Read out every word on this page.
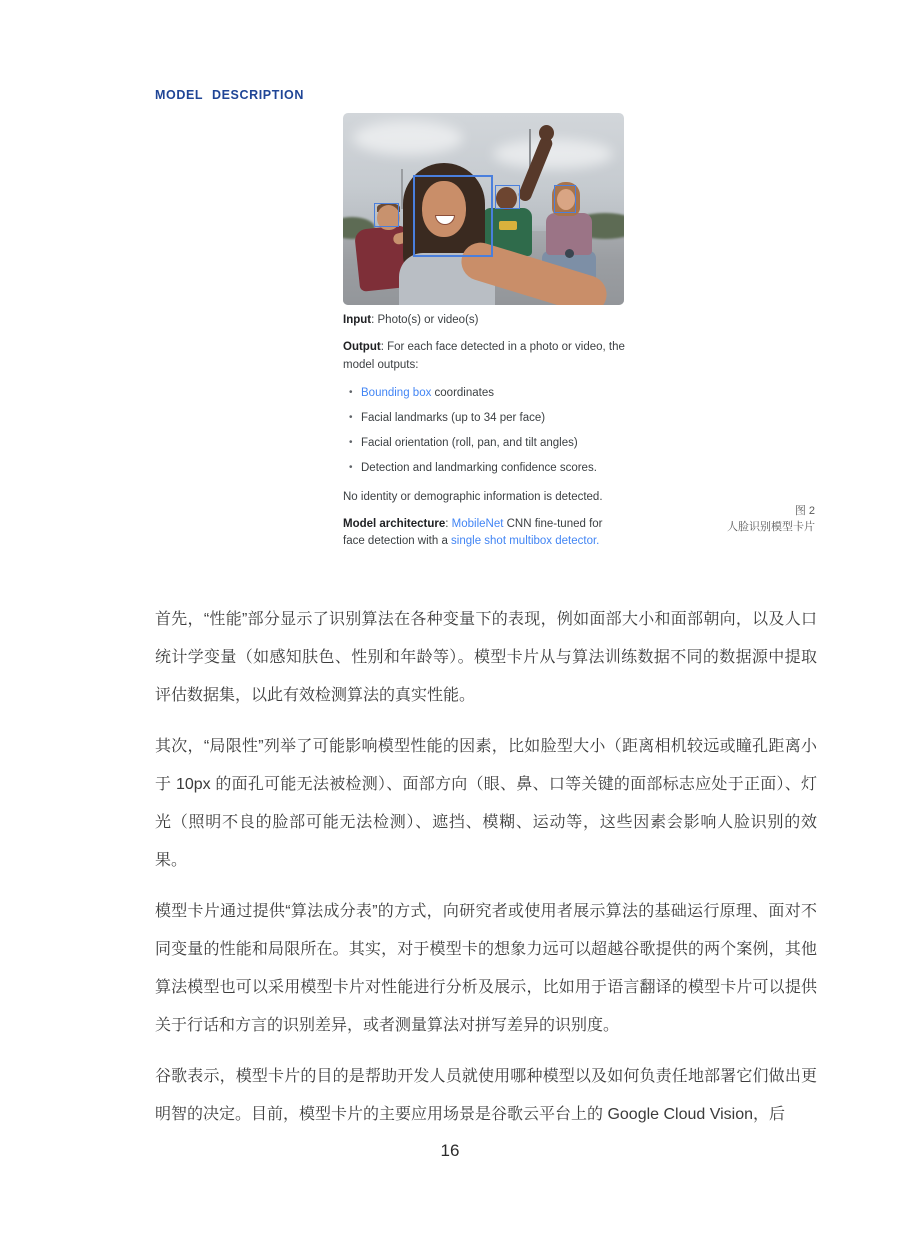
MODEL DESCRIPTION
Input: Photo(s) or video(s)
Output: For each face detected in a photo or video, the model outputs:
• Bounding box coordinates
• Facial landmarks (up to 34 per face)
• Facial orientation (roll, pan, and tilt angles)
• Detection and landmarking confidence scores.
No identity or demographic information is detected.
Model architecture: MobileNet CNN fine-tuned for face detection with a single shot multibox detector.
图 2
人脸识别模型卡片

首先，“性能”部分显示了识别算法在各种变量下的表现，例如面部大小和面部朝向，以及人口统计学变量（如感知肤色、性别和年龄等）。模型卡片从与算法训练数据不同的数据源中提取评估数据集，以此有效检测算法的真实性能。

其次，“局限性”列举了可能影响模型性能的因素，比如脸型大小（距离相机较远或瞳孔距离小于 10px 的面孔可能无法被检测）、面部方向（眼、鼻、口等关键的面部标志应处于正面）、灯光（照明不良的脸部可能无法检测）、遮挡、模糊、运动等，这些因素会影响人脸识别的效果。

模型卡片通过提供“算法成分表”的方式，向研究者或使用者展示算法的基础运行原理、面对不同变量的性能和局限所在。其实，对于模型卡的想象力远可以超越谷歌提供的两个案例，其他算法模型也可以采用模型卡片对性能进行分析及展示，比如用于语言翻译的模型卡片可以提供关于行话和方言的识别差异，或者测量算法对拼写差异的识别度。

谷歌表示，模型卡片的目的是帮助开发人员就使用哪种模型以及如何负责任地部署它们做出更明智的决定。目前，模型卡片的主要应用场景是谷歌云平台上的 Google Cloud Vision，后

16
